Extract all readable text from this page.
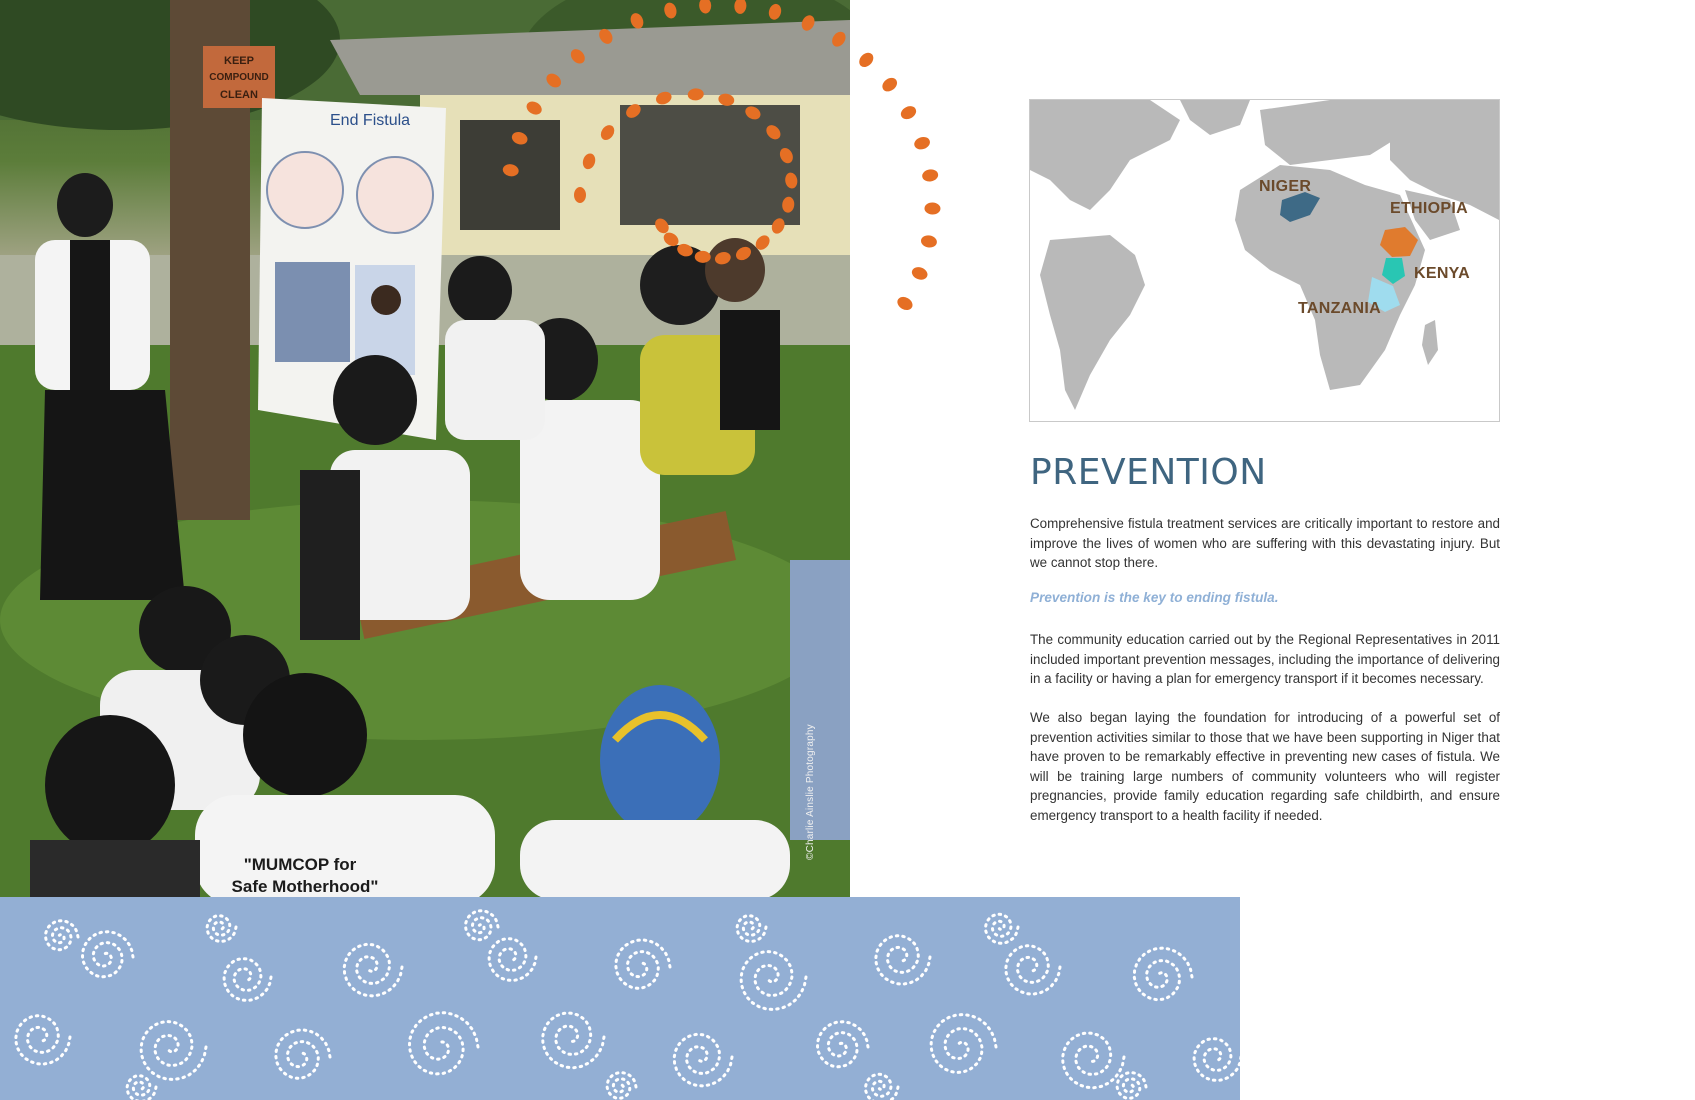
KEEP
COMPOUND
CLEAN
End Fistula
"MUMCOP for
Safe Motherhood"
©Charlie Ainslie Photography
NIGER
ETHIOPIA
KENYA
TANZANIA
PREVENTION

Comprehensive fistula treatment services are critically important to restore and improve the lives of women who are suffering with this devastating injury. But we cannot stop there.

Prevention is the key to ending fistula.

The community education carried out by the Regional Representatives in 2011 included important prevention messages, including the importance of delivering in a facility or having a plan for emergency transport if it becomes necessary.

We also began laying the foundation for introducing of a powerful set of prevention activities similar to those that we have been supporting in Niger that have proven to be remarkably effective in preventing new cases of fistula. We will be training large numbers of community volunteers who will register pregnancies, provide family education regarding safe childbirth, and ensure emergency transport to a health facility if needed.
